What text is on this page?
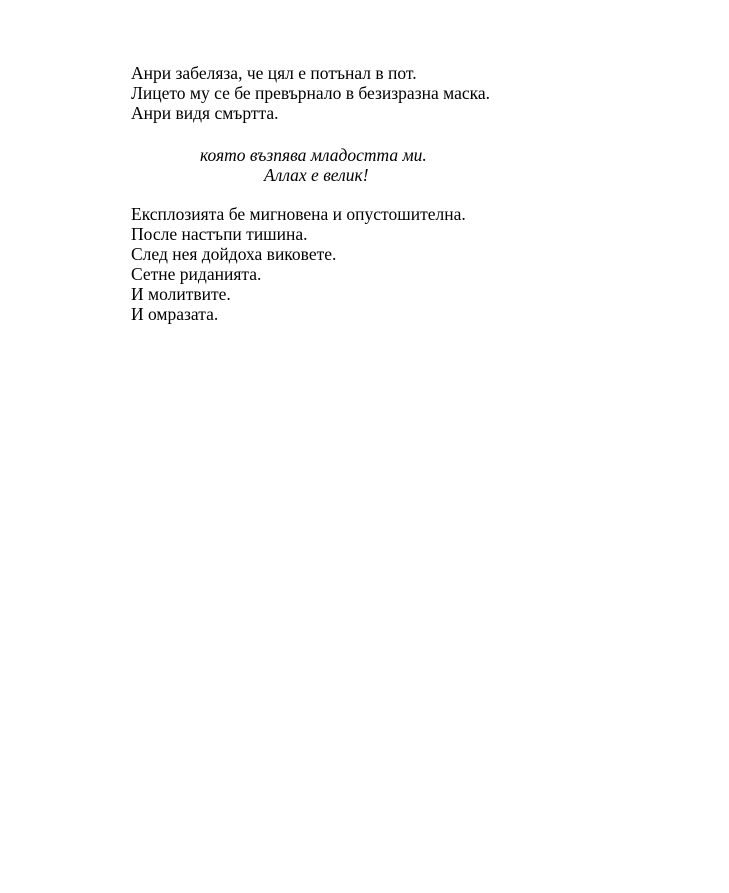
Анри забеляза, че цял е потънал в пот.
Лицето му се бе превърнало в безизразна маска.
Анри видя смъртта.
която възпява младостта ми.
Аллах е велик!
Експлозията бе мигновена и опустошителна.
После настъпи тишина.
След нея дойдоха виковете.
Сетне риданията.
И молитвите.
И омразата.
